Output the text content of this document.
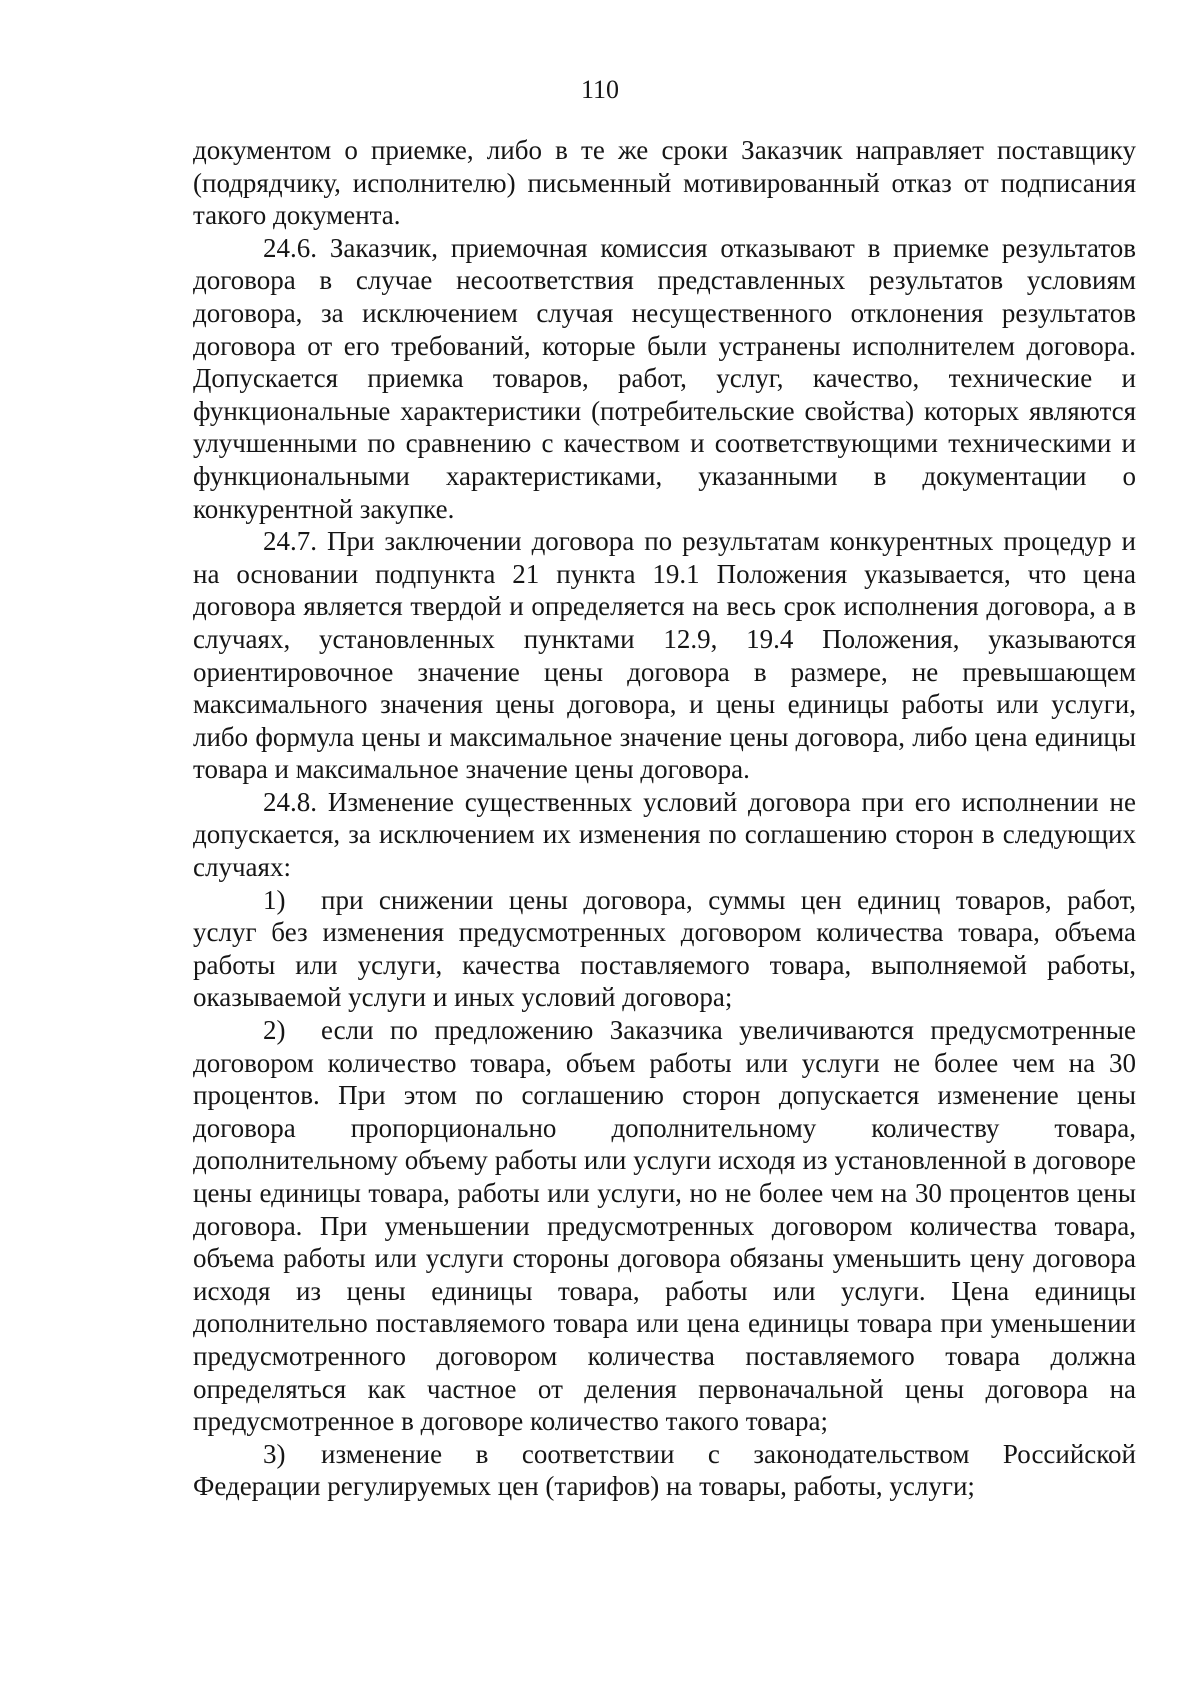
110

документом о приемке, либо в те же сроки Заказчик направляет поставщику (подрядчику, исполнителю) письменный мотивированный отказ от подписания такого документа.

24.6. Заказчик, приемочная комиссия отказывают в приемке результатов договора в случае несоответствия представленных результатов условиям договора, за исключением случая несущественного отклонения результатов договора от его требований, которые были устранены исполнителем договора. Допускается приемка товаров, работ, услуг, качество, технические и функциональные характеристики (потребительские свойства) которых являются улучшенными по сравнению с качеством и соответствующими техническими и функциональными характеристиками, указанными в документации о конкурентной закупке.

24.7. При заключении договора по результатам конкурентных процедур и на основании подпункта 21 пункта 19.1 Положения указывается, что цена договора является твердой и определяется на весь срок исполнения договора, а в случаях, установленных пунктами 12.9, 19.4 Положения, указываются ориентировочное значение цены договора в размере, не превышающем максимального значения цены договора, и цены единицы работы или услуги, либо формула цены и максимальное значение цены договора, либо цена единицы товара и максимальное значение цены договора.

24.8. Изменение существенных условий договора при его исполнении не допускается, за исключением их изменения по соглашению сторон в следующих случаях:

1) при снижении цены договора, суммы цен единиц товаров, работ, услуг без изменения предусмотренных договором количества товара, объема работы или услуги, качества поставляемого товара, выполняемой работы, оказываемой услуги и иных условий договора;

2) если по предложению Заказчика увеличиваются предусмотренные договором количество товара, объем работы или услуги не более чем на 30 процентов. При этом по соглашению сторон допускается изменение цены договора пропорционально дополнительному количеству товара, дополнительному объему работы или услуги исходя из установленной в договоре цены единицы товара, работы или услуги, но не более чем на 30 процентов цены договора. При уменьшении предусмотренных договором количества товара, объема работы или услуги стороны договора обязаны уменьшить цену договора исходя из цены единицы товара, работы или услуги. Цена единицы дополнительно поставляемого товара или цена единицы товара при уменьшении предусмотренного договором количества поставляемого товара должна определяться как частное от деления первоначальной цены договора на предусмотренное в договоре количество такого товара;

3) изменение в соответствии с законодательством Российской Федерации регулируемых цен (тарифов) на товары, работы, услуги;
